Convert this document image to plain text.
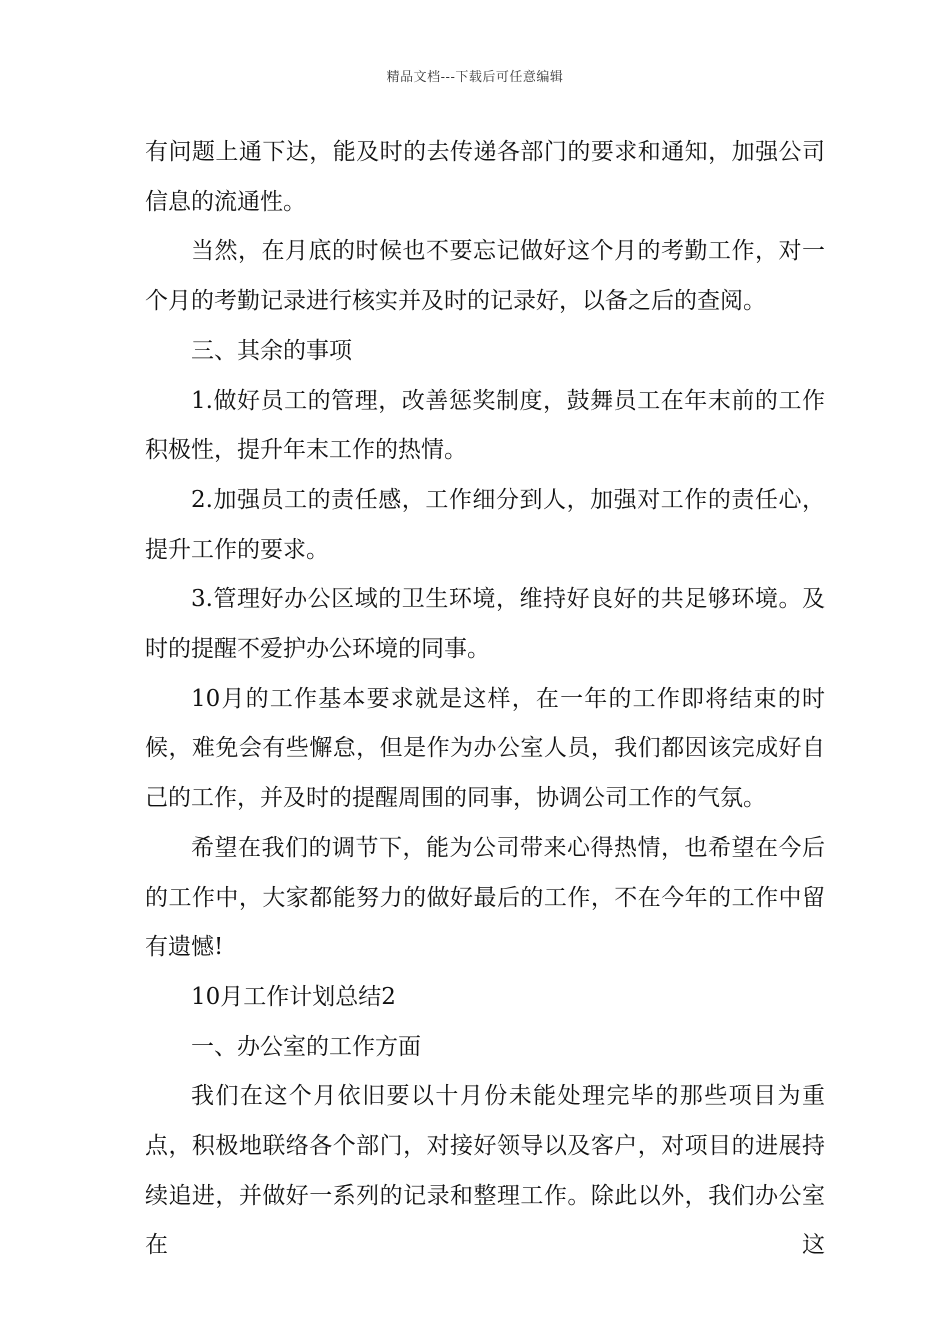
精品文档---下载后可任意编辑

有问题上通下达，能及时的去传递各部门的要求和通知，加强公司信息的流通性。

当然，在月底的时候也不要忘记做好这个月的考勤工作，对一个月的考勤记录进行核实并及时的记录好，以备之后的查阅。

三、其余的事项

1.做好员工的管理，改善惩奖制度，鼓舞员工在年末前的工作积极性，提升年末工作的热情。

2.加强员工的责任感，工作细分到人，加强对工作的责任心，提升工作的要求。

3.管理好办公区域的卫生环境，维持好良好的共足够环境。及时的提醒不爱护办公环境的同事。

10月的工作基本要求就是这样，在一年的工作即将结束的时候，难免会有些懈怠，但是作为办公室人员，我们都因该完成好自己的工作，并及时的提醒周围的同事，协调公司工作的气氛。

希望在我们的调节下，能为公司带来心得热情，也希望在今后的工作中，大家都能努力的做好最后的工作，不在今年的工作中留有遗憾!

10月工作计划总结2

一、办公室的工作方面

我们在这个月依旧要以十月份未能处理完毕的那些项目为重点，积极地联络各个部门，对接好领导以及客户，对项目的进展持续追进，并做好一系列的记录和整理工作。除此以外，我们办公室在这
